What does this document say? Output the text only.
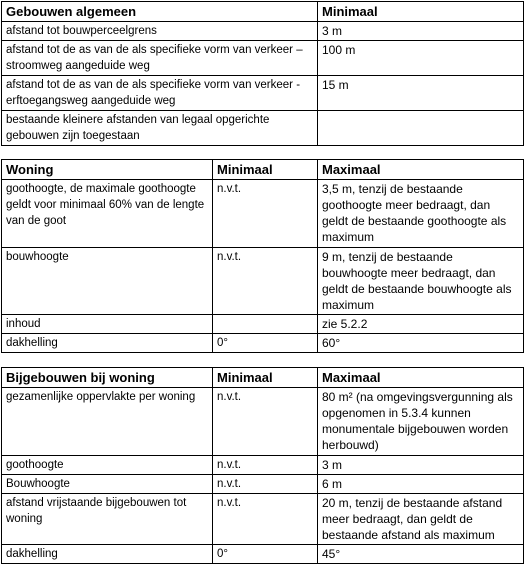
Gebouwen algemeen	Minimaal
afstand tot bouwperceelgrens	3 m
afstand tot de as van de als specifieke vorm van verkeer – stroomweg aangeduide weg	100 m
afstand tot de as van de als specifieke vorm van verkeer - erftoegangsweg aangeduide weg	15 m
bestaande kleinere afstanden van legaal opgerichte gebouwen zijn toegestaan	
Woning	Minimaal	Maximaal
goothoogte, de maximale goothoogte geldt voor minimaal 60% van de lengte van de goot	n.v.t.	3,5 m, tenzij de bestaande goothoogte meer bedraagt, dan geldt de bestaande goothoogte als maximum
bouwhoogte	n.v.t.	9 m, tenzij de bestaande bouwhoogte meer bedraagt, dan geldt de bestaande bouwhoogte als maximum
inhoud		zie 5.2.2
dakhelling	0°	60°
Bijgebouwen bij woning	Minimaal	Maximaal
gezamenlijke oppervlakte per woning	n.v.t.	80 m² (na omgevingsvergunning als opgenomen in 5.3.4 kunnen monumentale bijgebouwen worden herbouwd)
goothoogte	n.v.t.	3 m
Bouwhoogte	n.v.t.	6 m
afstand vrijstaande bijgebouwen tot woning	n.v.t.	20 m, tenzij de bestaande afstand meer bedraagt, dan geldt de bestaande afstand als maximum
dakhelling	0°	45°
